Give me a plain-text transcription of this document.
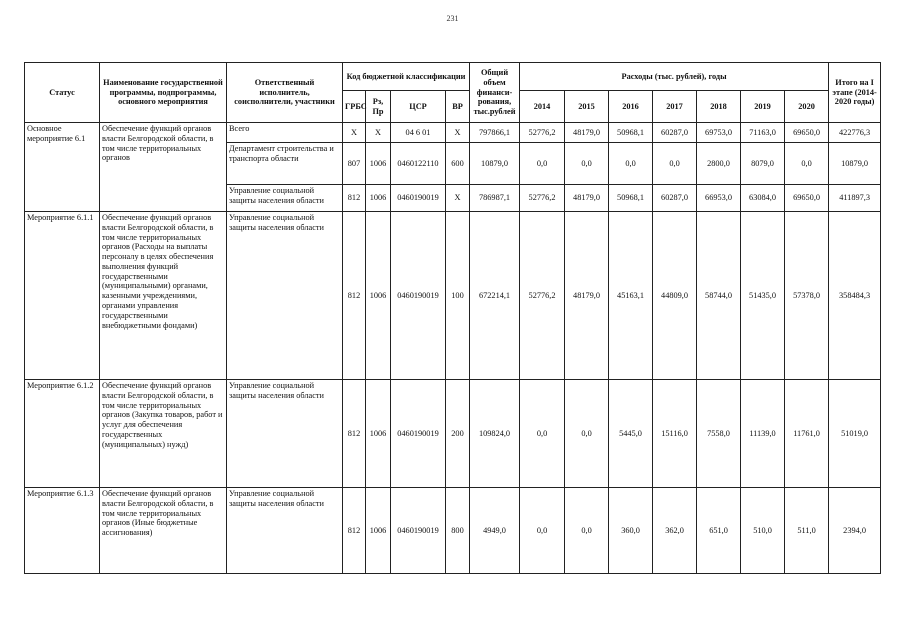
231
Статус	Наименование государственной программы, подпрограммы, основного мероприятия	Ответственный исполнитель, соисполнители, участники	Код бюджетной классификации				Общий объем финанси-рования, тыс.рублей	Расходы (тыс. рублей), годы							Итого на I этапе (2014-2020 годы)
			ГРБС	Рз, Пр	ЦСР	ВР		2014	2015	2016	2017	2018	2019	2020	
Основное мероприятие 6.1	Обеспечение функций органов власти Белгородской области, в том числе территориальных органов	Всего	Х	Х	04 6 01	Х	797866,1	52776,2	48179,0	50968,1	60287,0	69753,0	71163,0	69650,0	422776,3
		Департамент строительства и транспорта области	807	1006	0460122110	600	10879,0	0,0	0,0	0,0	0,0	2800,0	8079,0	0,0	10879,0
		Управление социальной защиты населения области	812	1006	0460190019	Х	786987,1	52776,2	48179,0	50968,1	60287,0	66953,0	63084,0	69650,0	411897,3
Мероприятие 6.1.1	Обеспечение функций органов власти Белгородской области, в том числе территориальных органов (Расходы на выплаты персоналу в целях обеспечения выполнения функций государственными (муниципальными) органами, казенными учреждениями, органами управления государственными внебюджетными фондами)	Управление социальной защиты населения области	812	1006	0460190019	100	672214,1	52776,2	48179,0	45163,1	44809,0	58744,0	51435,0	57378,0	358484,3
Мероприятие 6.1.2	Обеспечение функций органов власти Белгородской области, в том числе территориальных органов (Закупка товаров, работ и услуг для обеспечения государственных (муниципальных) нужд)	Управление социальной защиты населения области	812	1006	0460190019	200	109824,0	0,0	0,0	5445,0	15116,0	7558,0	11139,0	11761,0	51019,0
Мероприятие 6.1.3	Обеспечение функций органов власти Белгородской области, в том числе территориальных органов (Иные бюджетные ассигнования)	Управление социальной защиты населения области	812	1006	0460190019	800	4949,0	0,0	0,0	360,0	362,0	651,0	510,0	511,0	2394,0
